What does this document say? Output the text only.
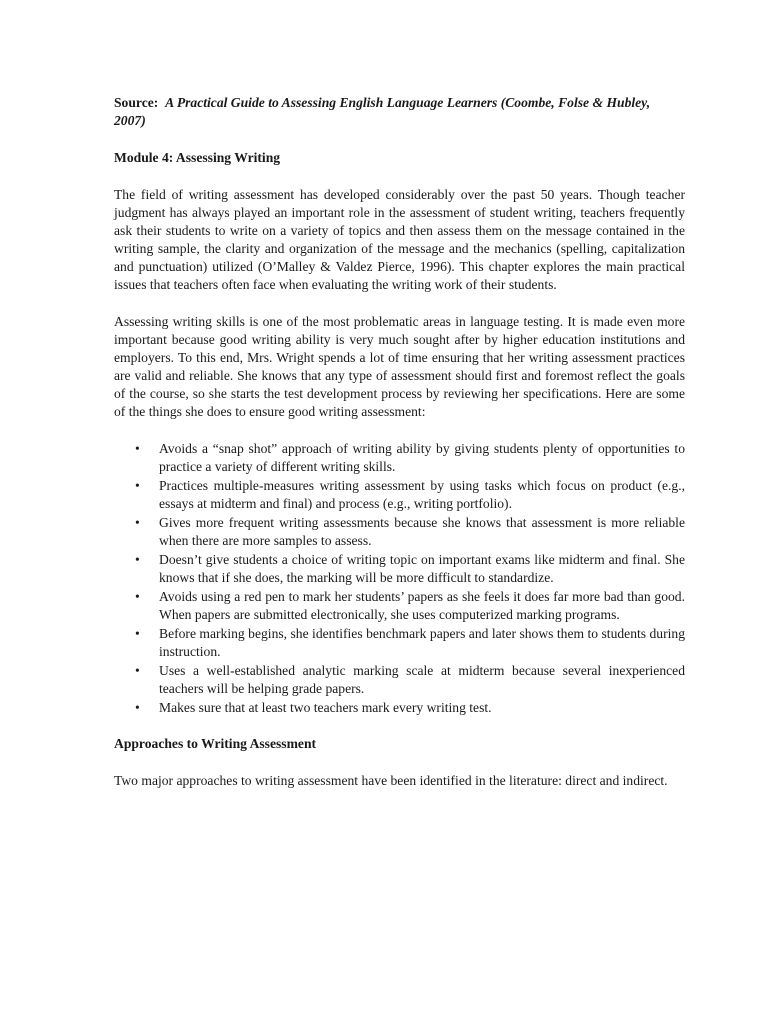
Source: A Practical Guide to Assessing English Language Learners (Coombe, Folse & Hubley, 2007)
Module 4: Assessing Writing

The field of writing assessment has developed considerably over the past 50 years. Though teacher judgment has always played an important role in the assessment of student writing, teachers frequently ask their students to write on a variety of topics and then assess them on the message contained in the writing sample, the clarity and organization of the message and the mechanics (spelling, capitalization and punctuation) utilized (O’Malley & Valdez Pierce, 1996). This chapter explores the main practical issues that teachers often face when evaluating the writing work of their students.

Assessing writing skills is one of the most problematic areas in language testing. It is made even more important because good writing ability is very much sought after by higher education institutions and employers. To this end, Mrs. Wright spends a lot of time ensuring that her writing assessment practices are valid and reliable. She knows that any type of assessment should first and foremost reflect the goals of the course, so she starts the test development process by reviewing her specifications. Here are some of the things she does to ensure good writing assessment:

• Avoids a “snap shot” approach of writing ability by giving students plenty of opportunities to practice a variety of different writing skills.
• Practices multiple-measures writing assessment by using tasks which focus on product (e.g., essays at midterm and final) and process (e.g., writing portfolio).
• Gives more frequent writing assessments because she knows that assessment is more reliable when there are more samples to assess.
• Doesn’t give students a choice of writing topic on important exams like midterm and final. She knows that if she does, the marking will be more difficult to standardize.
• Avoids using a red pen to mark her students’ papers as she feels it does far more bad than good. When papers are submitted electronically, she uses computerized marking programs.
• Before marking begins, she identifies benchmark papers and later shows them to students during instruction.
• Uses a well-established analytic marking scale at midterm because several inexperienced teachers will be helping grade papers.
• Makes sure that at least two teachers mark every writing test.
Approaches to Writing Assessment

Two major approaches to writing assessment have been identified in the literature: direct and indirect.
